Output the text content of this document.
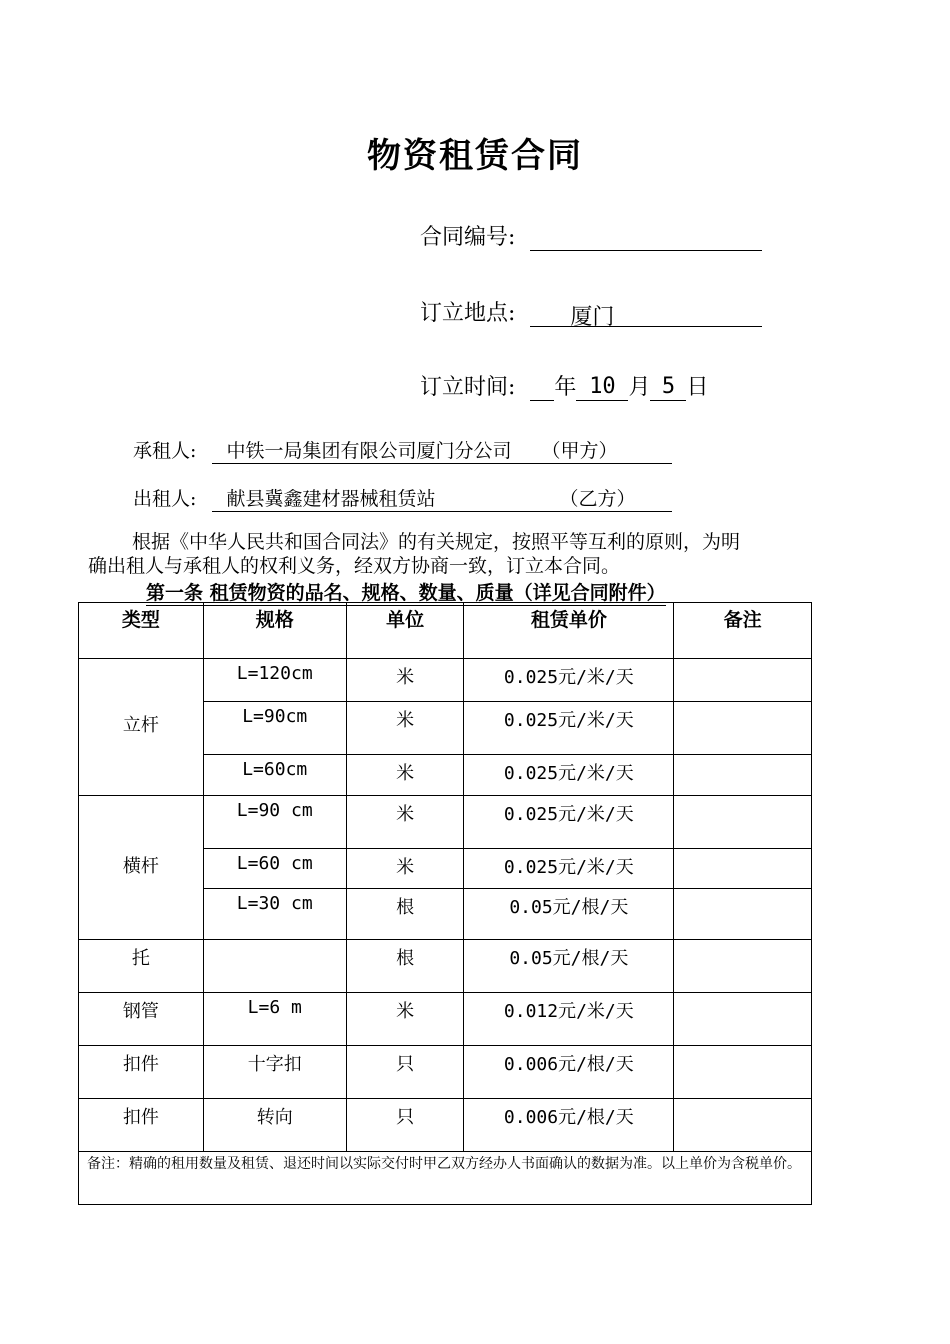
物资租赁合同
合同编号:
订立地点:	厦门
订立时间: 年 10 月 5 日
承租人: 中铁一局集团有限公司厦门分公司 （甲方）
出租人: 献县冀鑫建材器械租赁站	（乙方）
根据《中华人民共和国合同法》的有关规定，按照平等互利的原则，为明
确出租人与承租人的权利义务，经双方协商一致，订立本合同。
第一条 租赁物资的品名、规格、数量、质量（详见合同附件）
类型	规格	单位	租赁单价	备注
立杆	L=120cm	米	0.025元/米/天	
	L=90cm	米	0.025元/米/天	
	L=60cm	米	0.025元/米/天	
横杆	L=90 cm	米	0.025元/米/天	
	L=60 cm	米	0.025元/米/天	
	L=30 cm	根	0.05元/根/天	
托		根	0.05元/根/天	
钢管	L=6 m	米	0.012元/米/天	
扣件	十字扣	只	0.006元/根/天	
扣件	转向	只	0.006元/根/天	
备注：精确的租用数量及租赁、退还时间以实际交付时甲乙双方经办人书面确认的数据为准。以上单价为含税单价。				
